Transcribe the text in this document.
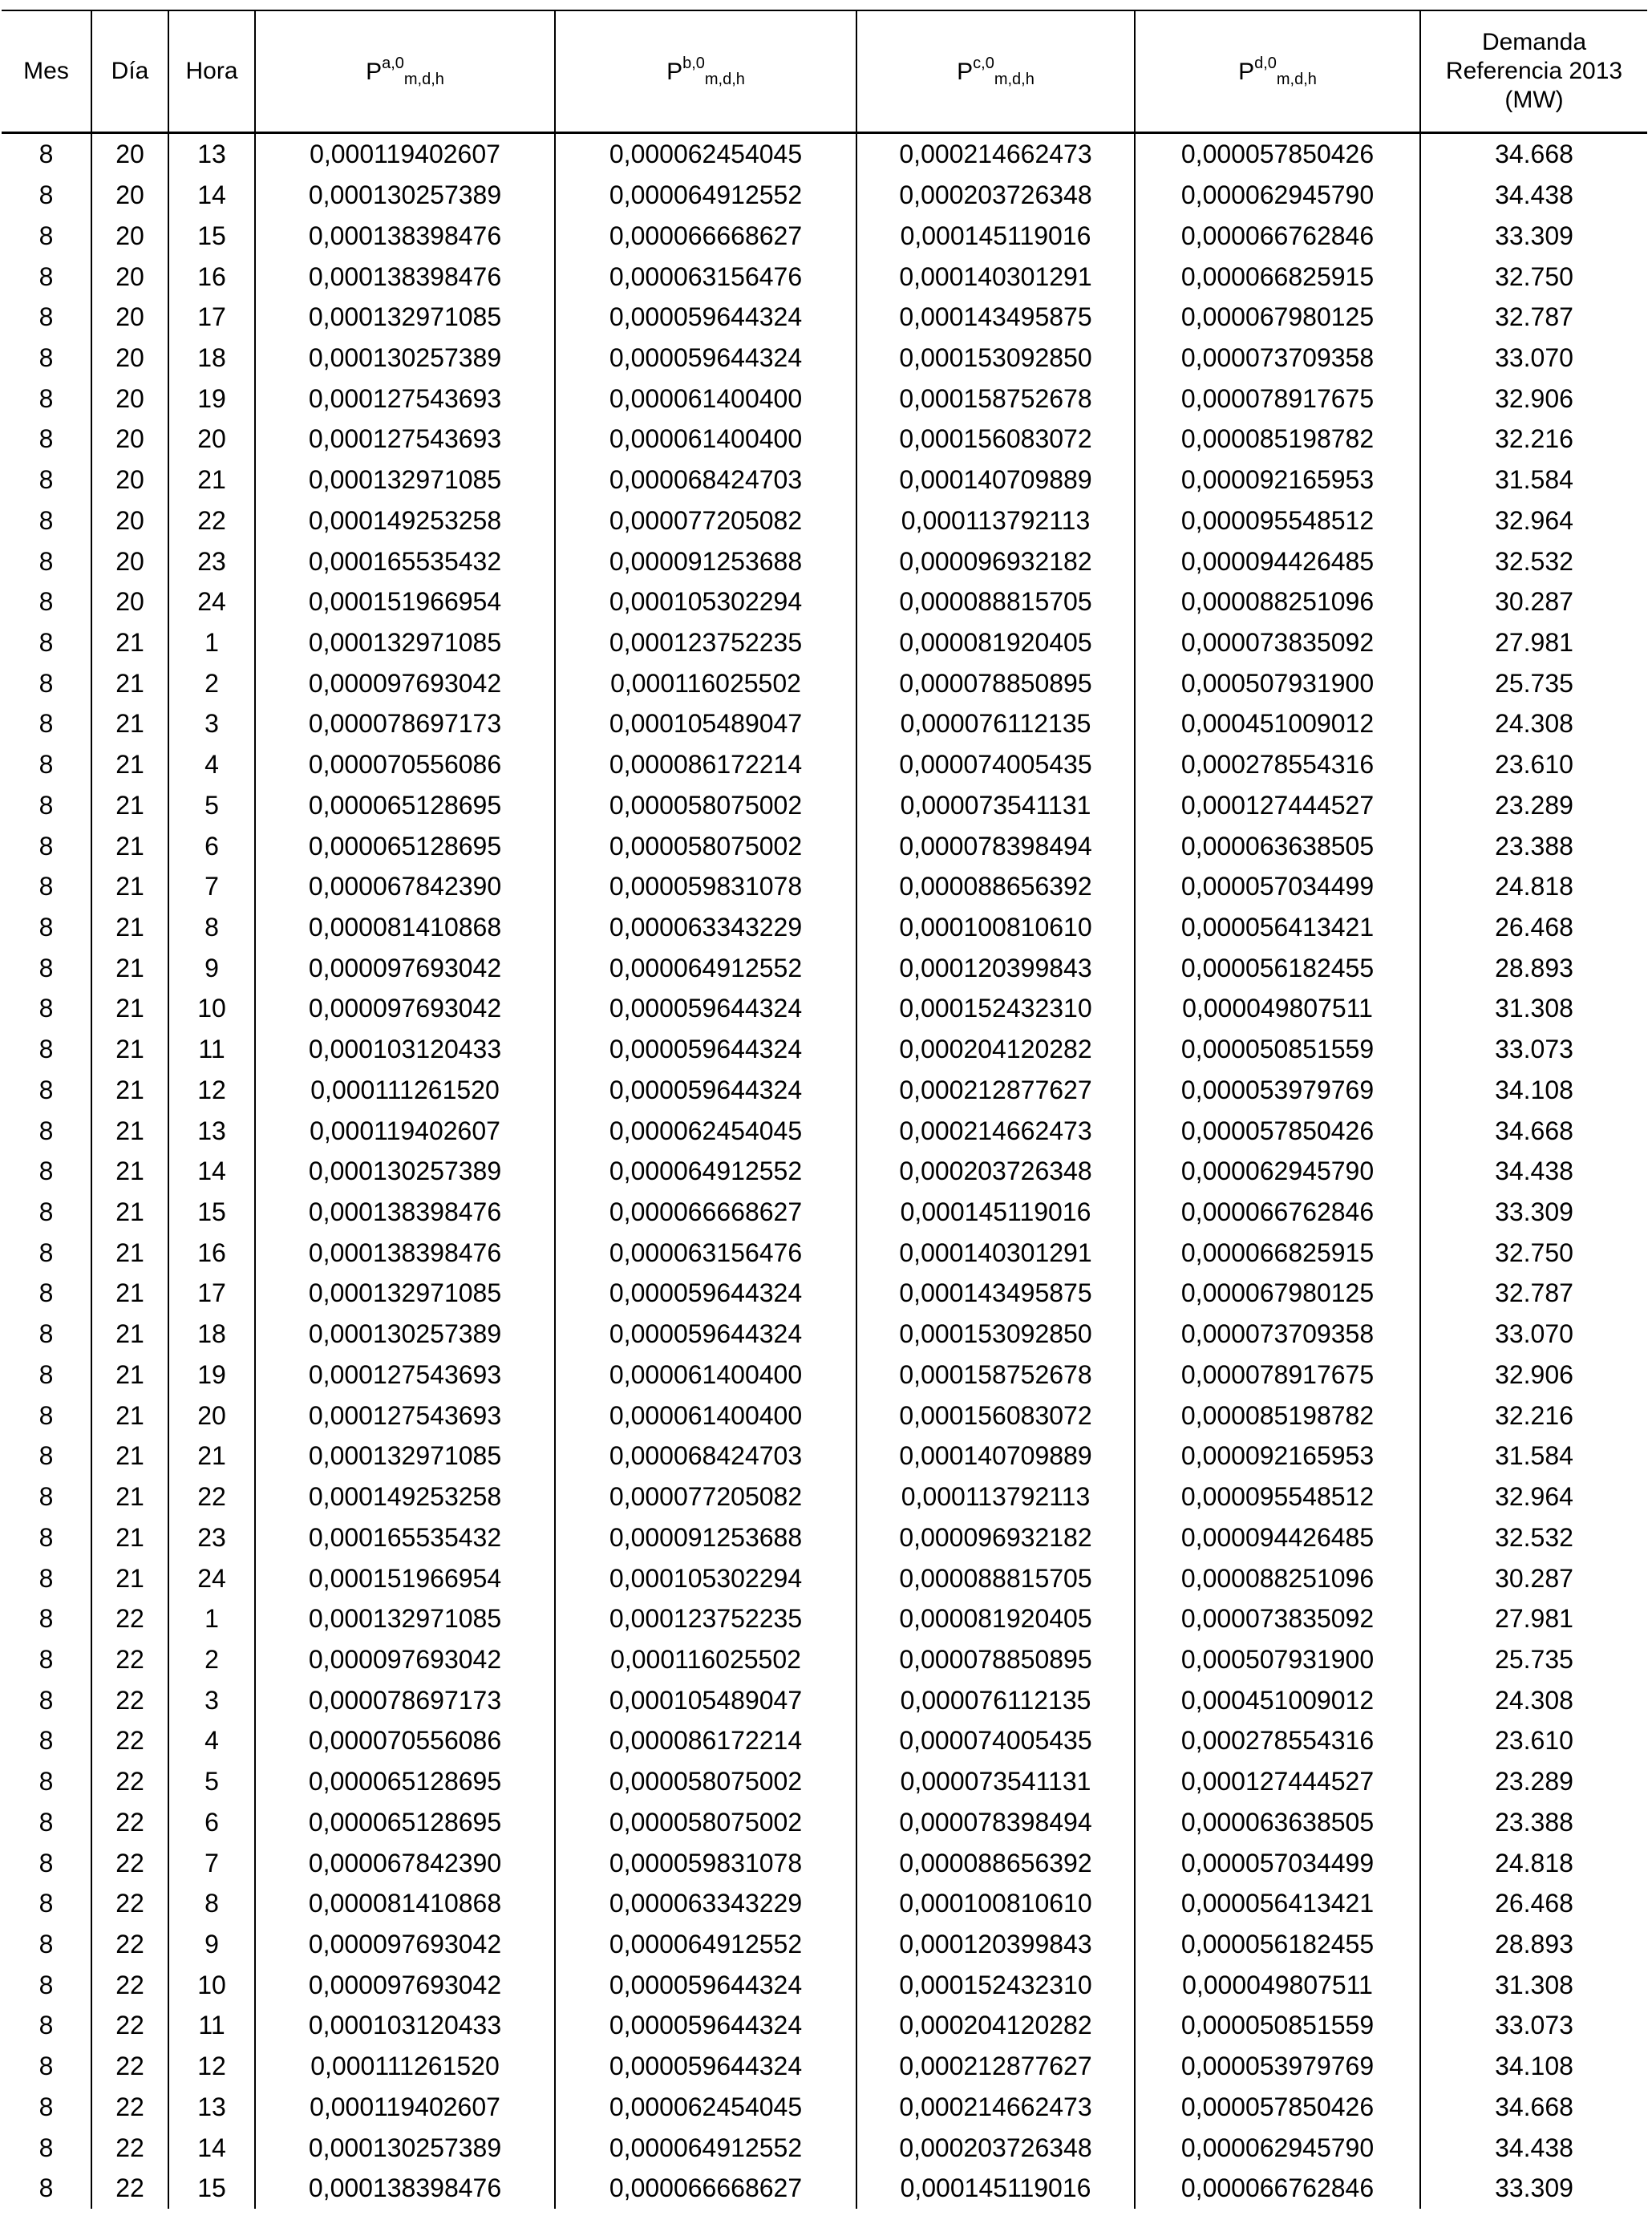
Mes	Día	Hora	P$^{a,0}_{m,d,h}$	P$^{b,0}_{m,d,h}$	P$^{c,0}_{m,d,h}$	P$^{d,0}_{m,d,h}$	Demanda
Referencia 2013
(MW)

8	20	13	0,000119402607	0,000062454045	0,000214662473	0,000057850426	34.668
8	20	14	0,000130257389	0,000064912552	0,000203726348	0,000062945790	34.438
8	20	15	0,000138398476	0,000066668627	0,000145119016	0,000066762846	33.309
8	20	16	0,000138398476	0,000063156476	0,000140301291	0,000066825915	32.750
8	20	17	0,000132971085	0,000059644324	0,000143495875	0,000067980125	32.787
8	20	18	0,000130257389	0,000059644324	0,000153092850	0,000073709358	33.070
8	20	19	0,000127543693	0,000061400400	0,000158752678	0,000078917675	32.906
8	20	20	0,000127543693	0,000061400400	0,000156083072	0,000085198782	32.216
8	20	21	0,000132971085	0,000068424703	0,000140709889	0,000092165953	31.584
8	20	22	0,000149253258	0,000077205082	0,000113792113	0,000095548512	32.964
8	20	23	0,000165535432	0,000091253688	0,000096932182	0,000094426485	32.532
8	20	24	0,000151966954	0,000105302294	0,000088815705	0,000088251096	30.287
8	21	1	0,000132971085	0,000123752235	0,000081920405	0,000073835092	27.981
8	21	2	0,000097693042	0,000116025502	0,000078850895	0,000507931900	25.735
8	21	3	0,000078697173	0,000105489047	0,000076112135	0,000451009012	24.308
8	21	4	0,000070556086	0,000086172214	0,000074005435	0,000278554316	23.610
8	21	5	0,000065128695	0,000058075002	0,000073541131	0,000127444527	23.289
8	21	6	0,000065128695	0,000058075002	0,000078398494	0,000063638505	23.388
8	21	7	0,000067842390	0,000059831078	0,000088656392	0,000057034499	24.818
8	21	8	0,000081410868	0,000063343229	0,000100810610	0,000056413421	26.468
8	21	9	0,000097693042	0,000064912552	0,000120399843	0,000056182455	28.893
8	21	10	0,000097693042	0,000059644324	0,000152432310	0,000049807511	31.308
8	21	11	0,000103120433	0,000059644324	0,000204120282	0,000050851559	33.073
8	21	12	0,000111261520	0,000059644324	0,000212877627	0,000053979769	34.108
8	21	13	0,000119402607	0,000062454045	0,000214662473	0,000057850426	34.668
8	21	14	0,000130257389	0,000064912552	0,000203726348	0,000062945790	34.438
8	21	15	0,000138398476	0,000066668627	0,000145119016	0,000066762846	33.309
8	21	16	0,000138398476	0,000063156476	0,000140301291	0,000066825915	32.750
8	21	17	0,000132971085	0,000059644324	0,000143495875	0,000067980125	32.787
8	21	18	0,000130257389	0,000059644324	0,000153092850	0,000073709358	33.070
8	21	19	0,000127543693	0,000061400400	0,000158752678	0,000078917675	32.906
8	21	20	0,000127543693	0,000061400400	0,000156083072	0,000085198782	32.216
8	21	21	0,000132971085	0,000068424703	0,000140709889	0,000092165953	31.584
8	21	22	0,000149253258	0,000077205082	0,000113792113	0,000095548512	32.964
8	21	23	0,000165535432	0,000091253688	0,000096932182	0,000094426485	32.532
8	21	24	0,000151966954	0,000105302294	0,000088815705	0,000088251096	30.287
8	22	1	0,000132971085	0,000123752235	0,000081920405	0,000073835092	27.981
8	22	2	0,000097693042	0,000116025502	0,000078850895	0,000507931900	25.735
8	22	3	0,000078697173	0,000105489047	0,000076112135	0,000451009012	24.308
8	22	4	0,000070556086	0,000086172214	0,000074005435	0,000278554316	23.610
8	22	5	0,000065128695	0,000058075002	0,000073541131	0,000127444527	23.289
8	22	6	0,000065128695	0,000058075002	0,000078398494	0,000063638505	23.388
8	22	7	0,000067842390	0,000059831078	0,000088656392	0,000057034499	24.818
8	22	8	0,000081410868	0,000063343229	0,000100810610	0,000056413421	26.468
8	22	9	0,000097693042	0,000064912552	0,000120399843	0,000056182455	28.893
8	22	10	0,000097693042	0,000059644324	0,000152432310	0,000049807511	31.308
8	22	11	0,000103120433	0,000059644324	0,000204120282	0,000050851559	33.073
8	22	12	0,000111261520	0,000059644324	0,000212877627	0,000053979769	34.108
8	22	13	0,000119402607	0,000062454045	0,000214662473	0,000057850426	34.668
8	22	14	0,000130257389	0,000064912552	0,000203726348	0,000062945790	34.438
8	22	15	0,000138398476	0,000066668627	0,000145119016	0,000066762846	33.309
